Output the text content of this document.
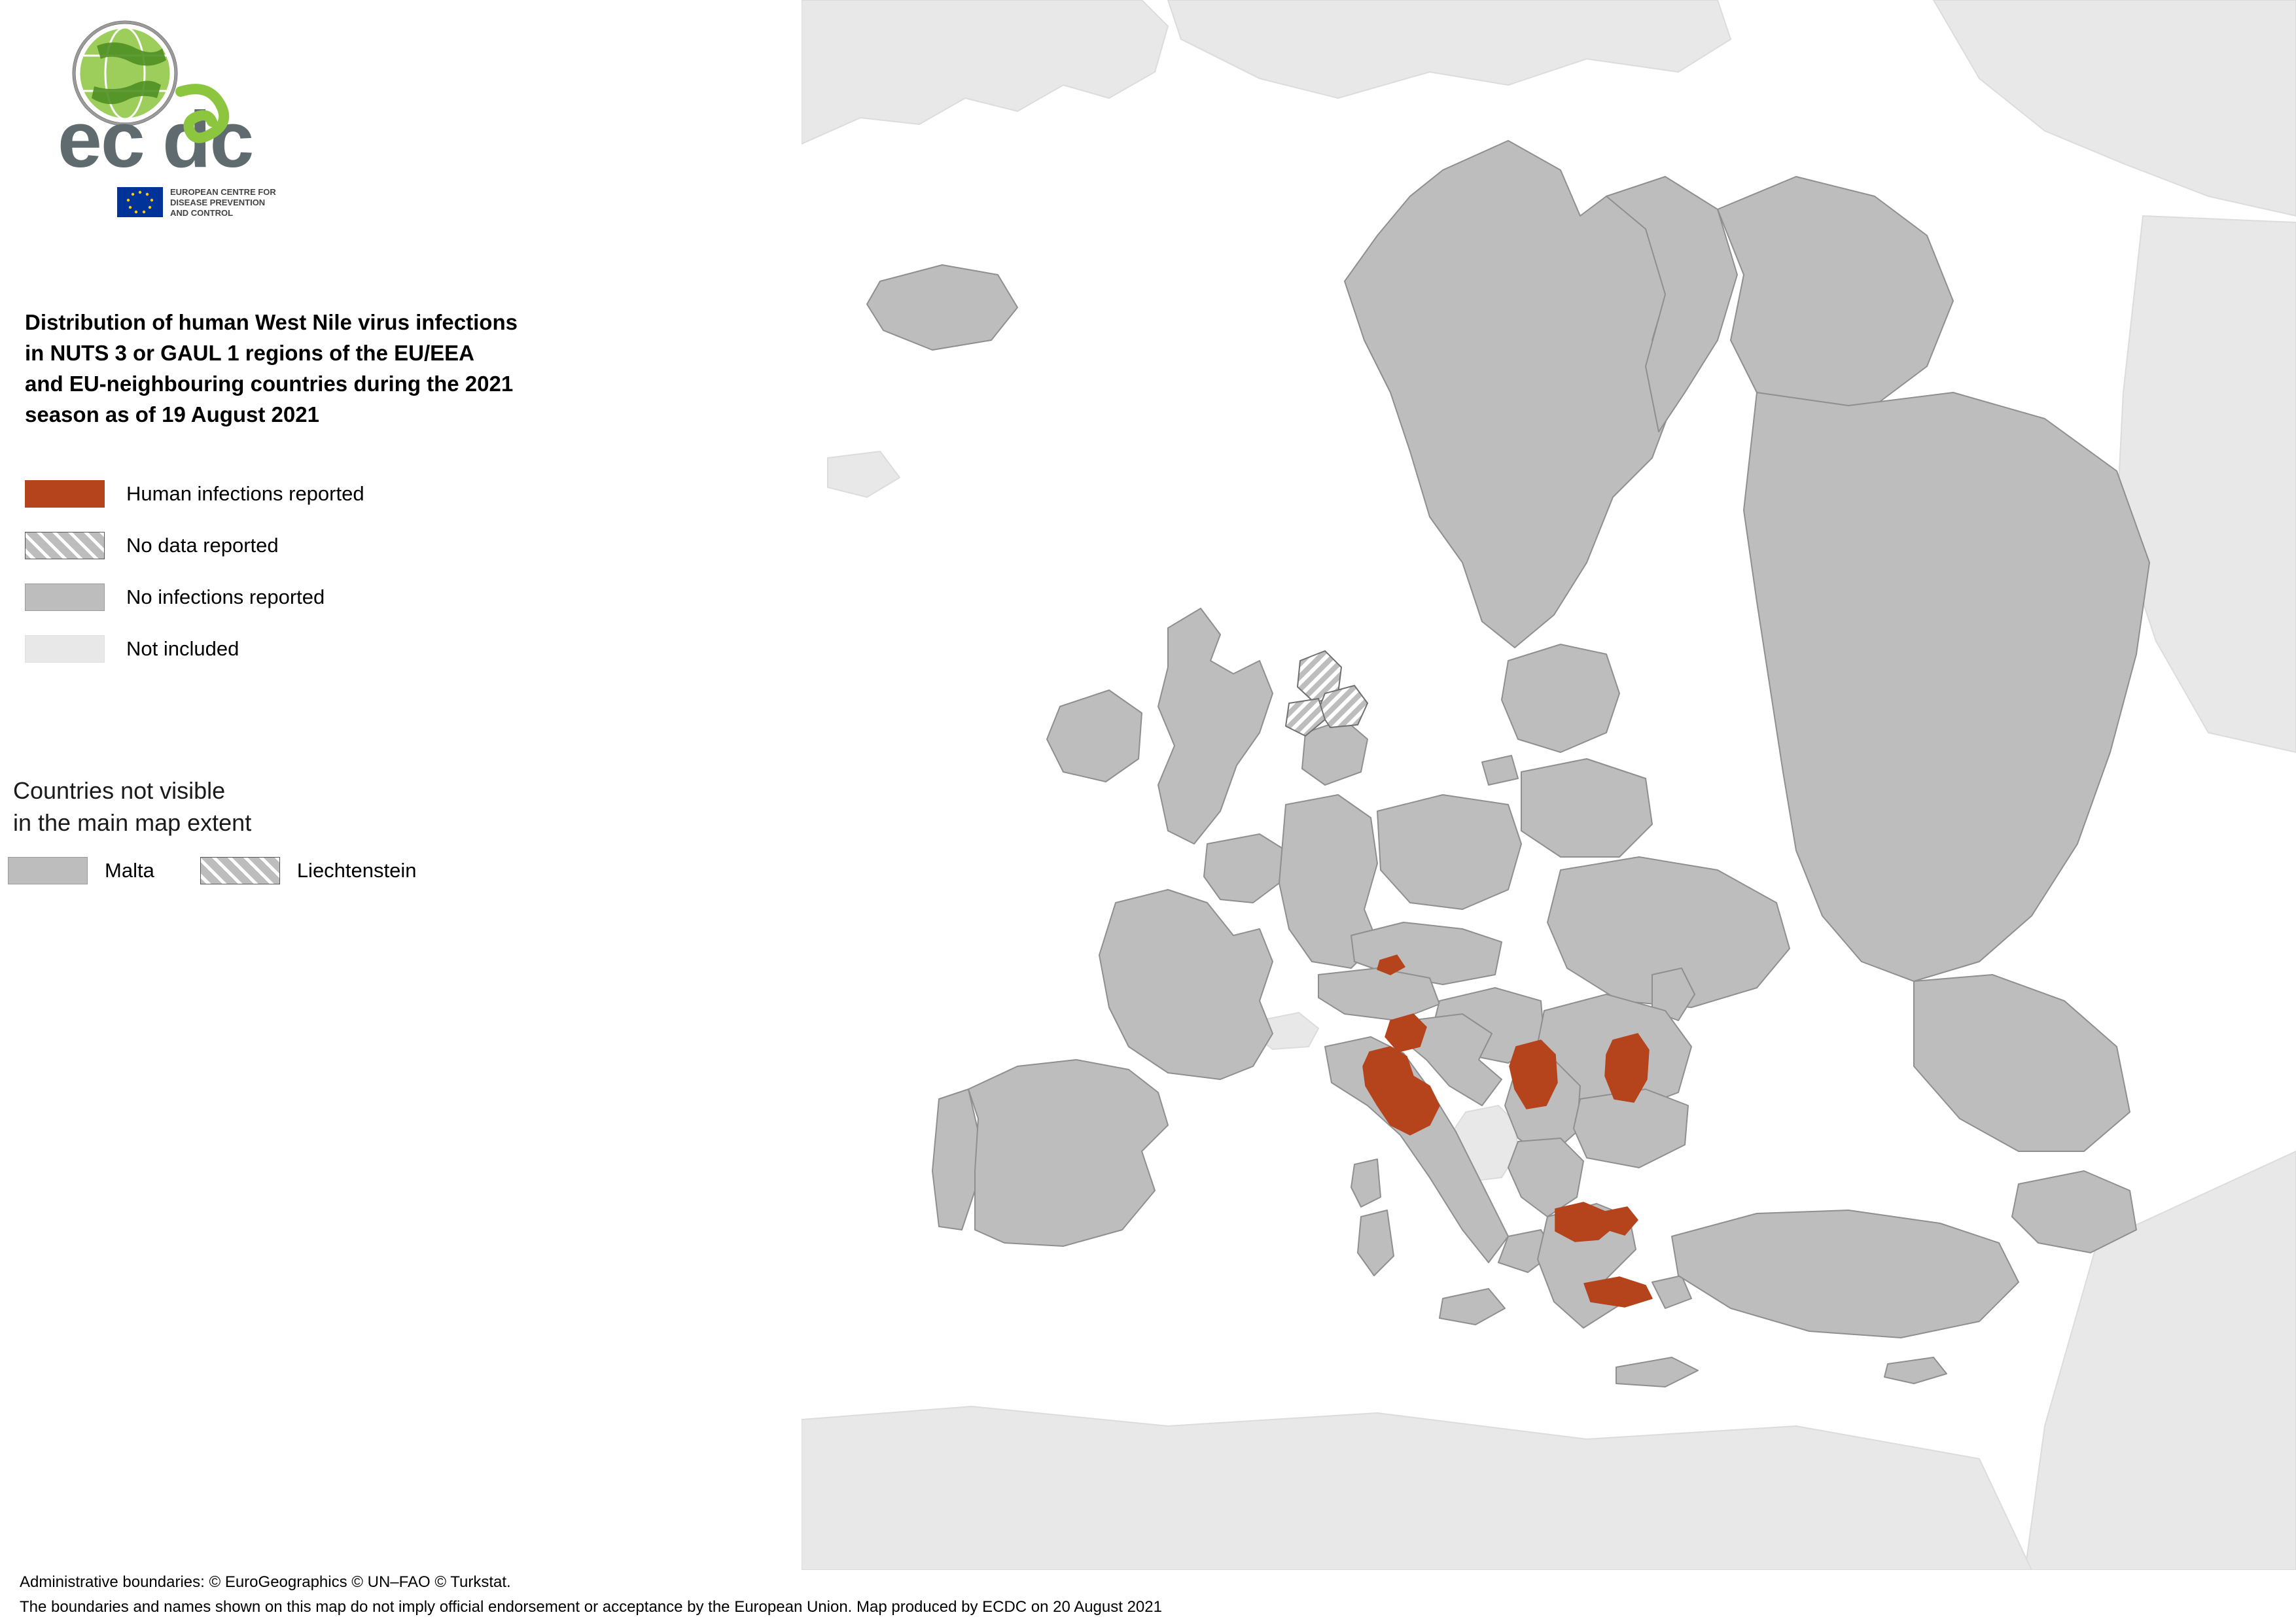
ec dc
EUROPEAN CENTRE FOR
DISEASE PREVENTION
AND CONTROL
Distribution of human West Nile virus infections
in NUTS 3 or GAUL 1 regions of the EU/EEA
and EU-neighbouring countries during the 2021
season as of 19 August 2021
Human infections reported
No data reported
No infections reported
Not included
Countries not visible
in the main map extent
Malta	Liechtenstein
Administrative boundaries: © EuroGeographics © UN–FAO © Turkstat.
The boundaries and names shown on this map do not imply official endorsement or acceptance by the European Union. Map produced by ECDC on 20 August 2021
